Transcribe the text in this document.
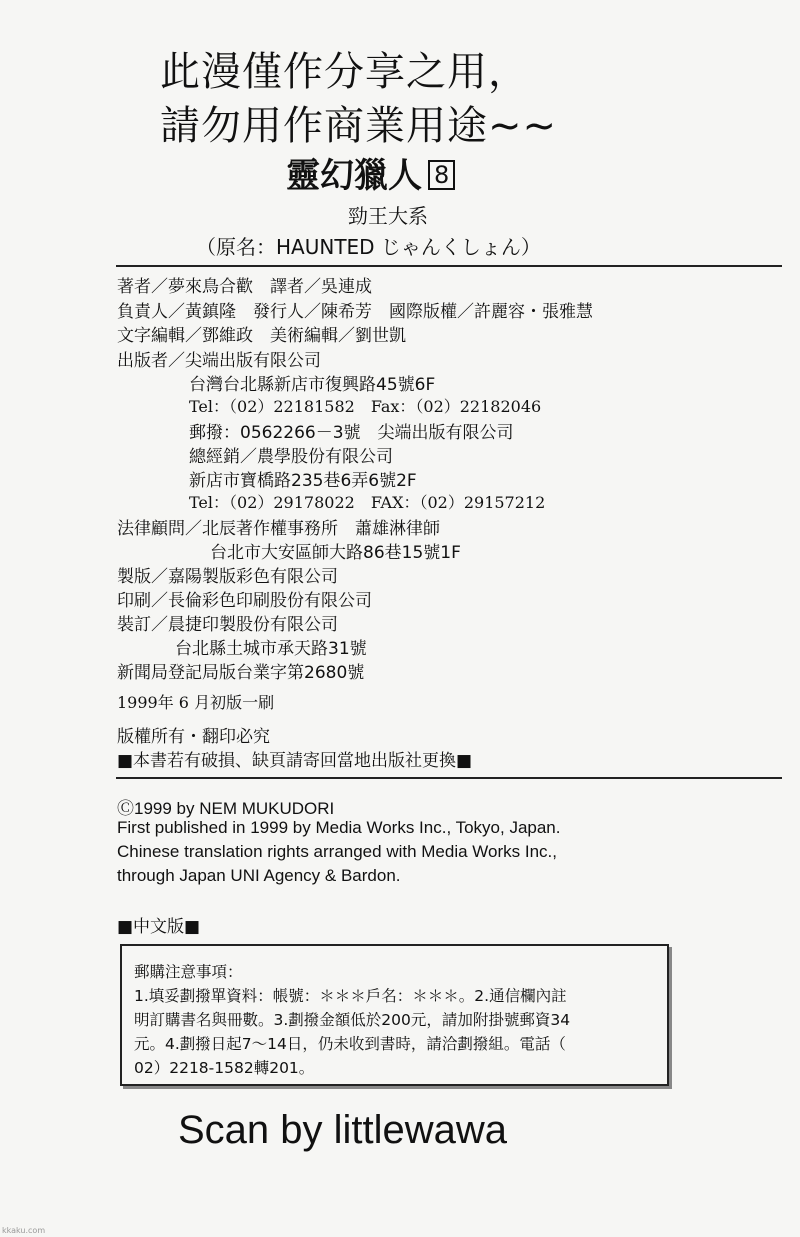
此漫僅作分享之用，
請勿用作商業用途~~
靈幻獵人 8
勁王大系
（原名：HAUNTED じゃんくしょん）
著者／夢來鳥合歡　譯者／吳連成
負責人／黃鎮隆　發行人／陳希芳　國際版權／許麗容・張雅慧
文字編輯／鄧維政　美術編輯／劉世凱
出版者／尖端出版有限公司
台灣台北縣新店市復興路45號6F
Tel：（02）22181582　Fax：（02）22182046
郵撥：0562266－3號　尖端出版有限公司
總經銷／農學股份有限公司
新店市寶橋路235巷6弄6號2F
Tel：（02）29178022　FAX：（02）29157212
法律顧問／北辰著作權事務所　蕭雄淋律師
台北市大安區師大路86巷15號1F
製版／嘉陽製版彩色有限公司
印刷／長倫彩色印刷股份有限公司
裝訂／晨捷印製股份有限公司
台北縣土城市承天路31號
新聞局登記局版台業字第2680號
1999年 6 月初版一刷
版權所有・翻印必究
■本書若有破損、缺頁請寄回當地出版社更換■
Ⓒ1999 by NEM MUKUDORI
First published in 1999 by Media Works Inc., Tokyo, Japan.
Chinese translation rights arranged with Media Works Inc.,
through Japan UNI Agency & Bardon.
■中文版■
郵購注意事項：
1.填妥劃撥單資料：帳號：＊＊＊戶名：＊＊＊。2.通信欄內註
明訂購書名與冊數。3.劃撥金額低於200元，請加附掛號郵資34
元。4.劃撥日起7～14日，仍未收到書時，請洽劃撥組。電話（
02）2218-1582轉201。
Scan by littlewawa
kkaku.com
